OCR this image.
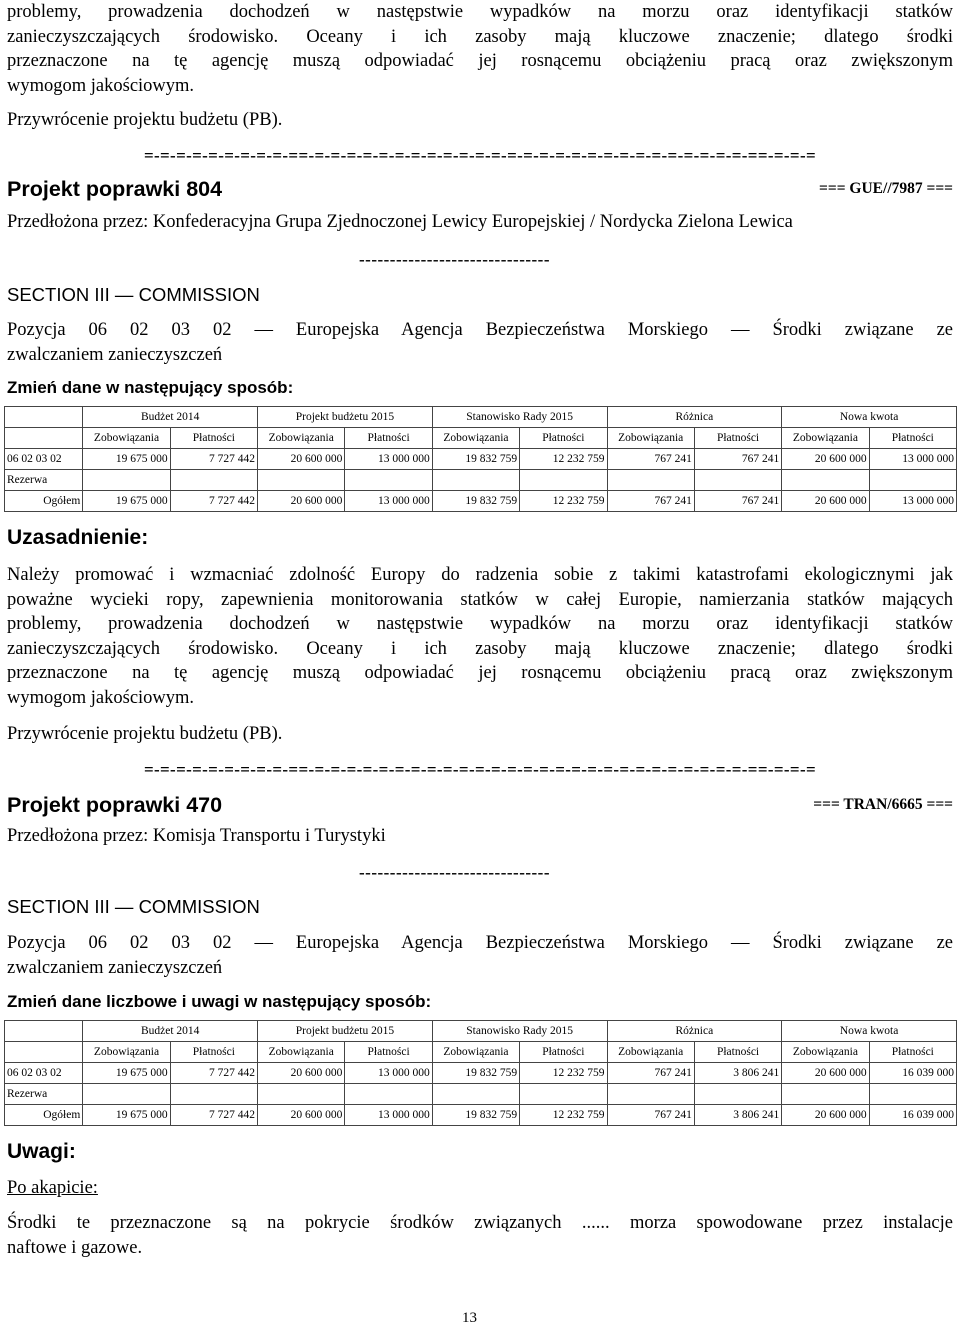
problemy, prowadzenia dochodzeń w następstwie wypadków na morzu oraz identyfikacji statków

zanieczyszczających środowisko. Oceany i ich zasoby mają kluczowe znaczenie; dlatego środki

przeznaczone na tę agencję muszą odpowiadać jej rosnącemu obciążeniu pracą oraz zwiększonym

wymogom jakościowym.

Przywrócenie projektu budżetu (PB).

=-=-=-=-=-=-=-=-=-==-=-=-=-=-=-=-=-=-=-=-=-=-=-=-=-=-=-=-=-=-=-=-=-=-=-=-=-==-=-=-=

Projekt poprawki 804	=== GUE//7987 ===

Przedłożona przez: Konfederacyjna Grupa Zjednoczonej Lewicy Europejskiej / Nordycka Zielona Lewica

-------------------------------

SECTION III — COMMISSION

Pozycja 06 02 03 02 — Europejska Agencja Bezpieczeństwa Morskiego — Środki związane ze

zwalczaniem zanieczyszczeń

Zmień dane w następujący sposób:

	Budżet 2014		Projekt budżetu 2015		Stanowisko Rady 2015		Różnica		Nowa kwota	
	Zobowiązania	Płatności	Zobowiązania	Płatności	Zobowiązania	Płatności	Zobowiązania	Płatności	Zobowiązania	Płatności
06 02 03 02	19 675 000	7 727 442	20 600 000	13 000 000	19 832 759	12 232 759	767 241	767 241	20 600 000	13 000 000
Rezerwa										
Ogółem	19 675 000	7 727 442	20 600 000	13 000 000	19 832 759	12 232 759	767 241	767 241	20 600 000	13 000 000

Uzasadnienie:

Należy promować i wzmacniać zdolność Europy do radzenia sobie z takimi katastrofami ekologicznymi jak

poważne wycieki ropy, zapewnienia monitorowania statków w całej Europie, namierzania statków mających

problemy, prowadzenia dochodzeń w następstwie wypadków na morzu oraz identyfikacji statków

zanieczyszczających środowisko. Oceany i ich zasoby mają kluczowe znaczenie; dlatego środki

przeznaczone na tę agencję muszą odpowiadać jej rosnącemu obciążeniu pracą oraz zwiększonym

wymogom jakościowym.

Przywrócenie projektu budżetu (PB).

=-=-=-=-=-=-=-=-=-==-=-=-=-=-=-=-=-=-=-=-=-=-=-=-=-=-=-=-=-=-=-=-=-=-=-=-=-==-=-=-=

Projekt poprawki 470	=== TRAN/6665 ===

Przedłożona przez: Komisja Transportu i Turystyki

-------------------------------

SECTION III — COMMISSION

Pozycja 06 02 03 02 — Europejska Agencja Bezpieczeństwa Morskiego — Środki związane ze

zwalczaniem zanieczyszczeń

Zmień dane liczbowe i uwagi w następujący sposób:

	Budżet 2014		Projekt budżetu 2015		Stanowisko Rady 2015		Różnica		Nowa kwota	
	Zobowiązania	Płatności	Zobowiązania	Płatności	Zobowiązania	Płatności	Zobowiązania	Płatności	Zobowiązania	Płatności
06 02 03 02	19 675 000	7 727 442	20 600 000	13 000 000	19 832 759	12 232 759	767 241	3 806 241	20 600 000	16 039 000
Rezerwa										
Ogółem	19 675 000	7 727 442	20 600 000	13 000 000	19 832 759	12 232 759	767 241	3 806 241	20 600 000	16 039 000

Uwagi:

Po akapicie:

Środki te przeznaczone są na pokrycie środków związanych ...... morza spowodowane przez instalacje

naftowe i gazowe.

13
